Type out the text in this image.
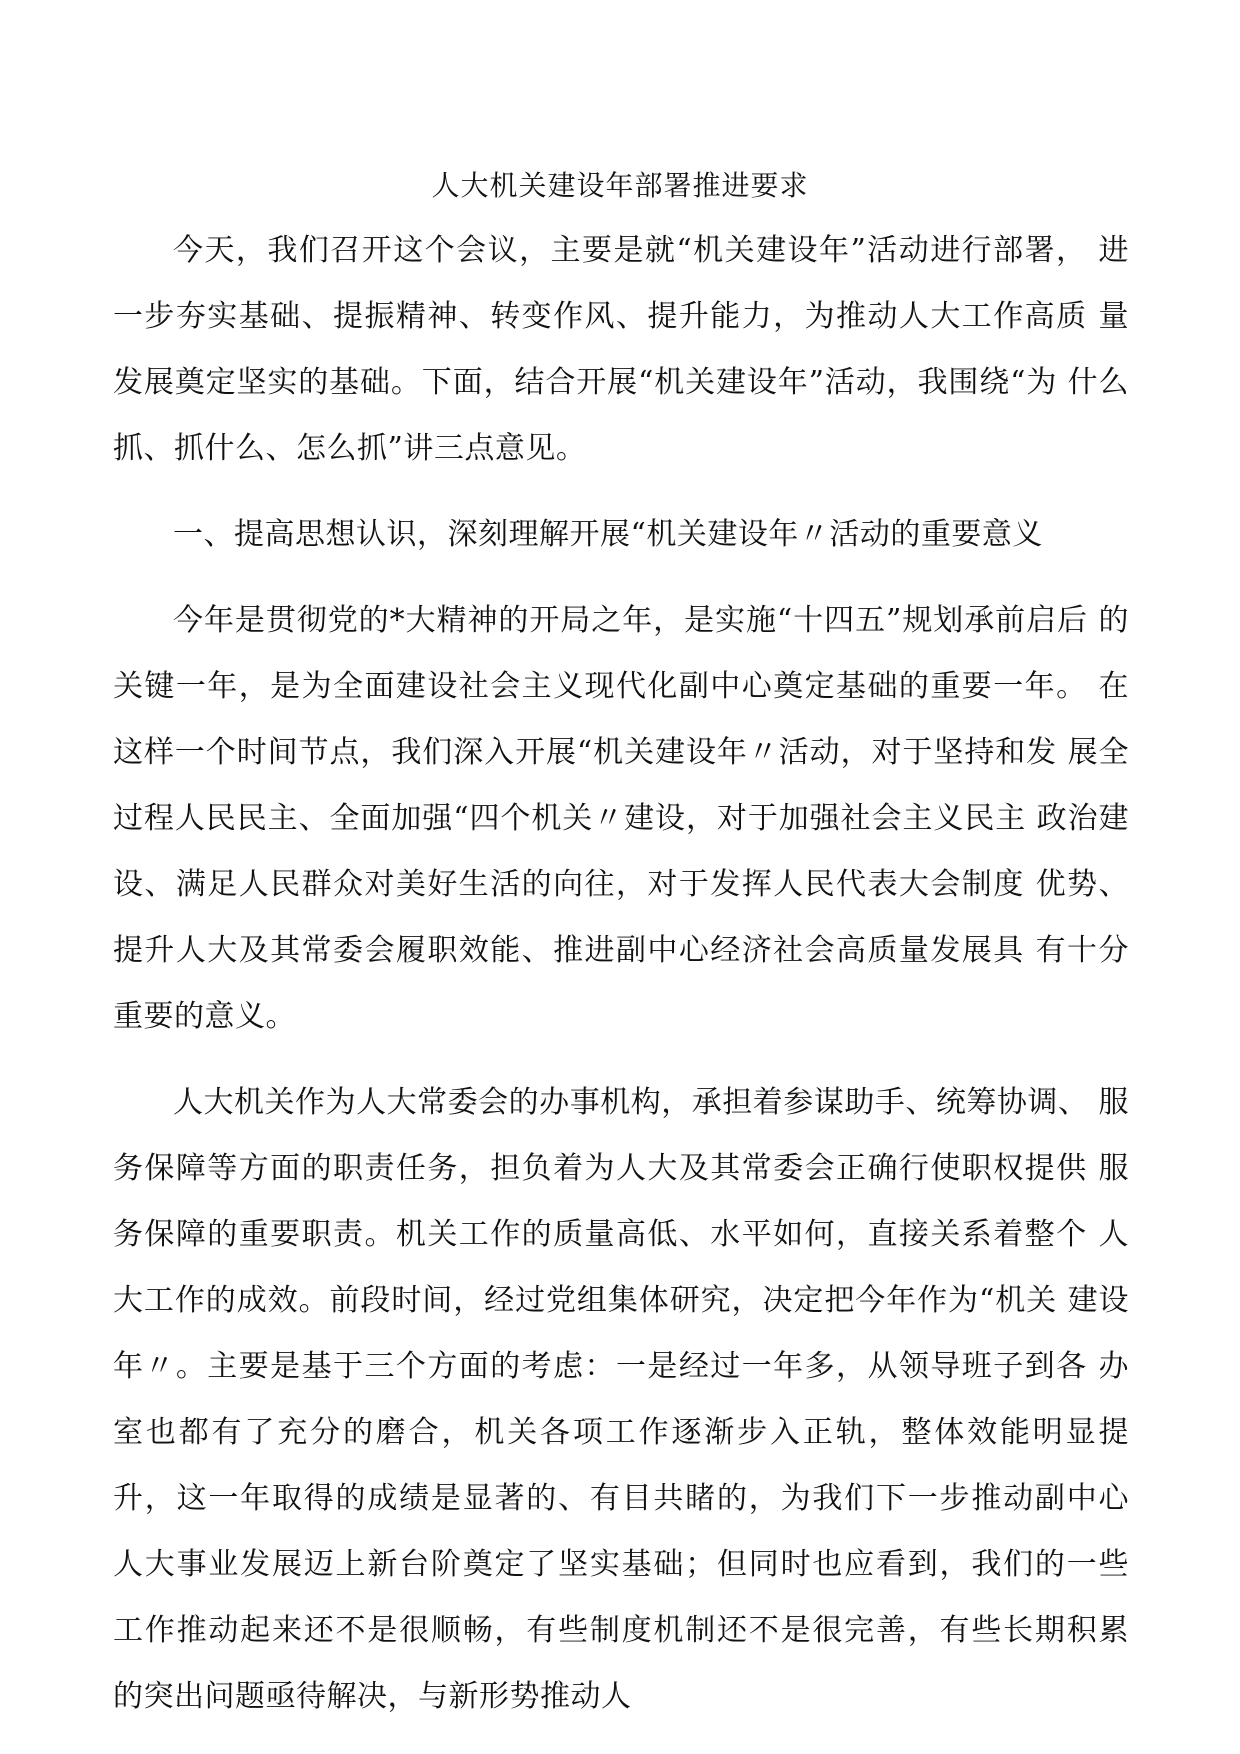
人大机关建设年部署推进要求

今天，我们召开这个会议，主要是就“机关建设年”活动进行部署， 进一步夯实基础、提振精神、转变作风、提升能力，为推动人大工作高质 量发展奠定坚实的基础。下面，结合开展“机关建设年”活动，我围绕“为 什么抓、抓什么、怎么抓”讲三点意见。

一、提高思想认识，深刻理解开展“机关建设年〃活动的重要意义

今年是贯彻党的*大精神的开局之年，是实施“十四五”规划承前启后 的关键一年，是为全面建设社会主义现代化副中心奠定基础的重要一年。 在这样一个时间节点，我们深入开展“机关建设年〃活动，对于坚持和发 展全过程人民民主、全面加强“四个机关〃建设，对于加强社会主义民主 政治建设、满足人民群众对美好生活的向往，对于发挥人民代表大会制度 优势、提升人大及其常委会履职效能、推进副中心经济社会高质量发展具 有十分重要的意义。

人大机关作为人大常委会的办事机构，承担着参谋助手、统筹协调、 服务保障等方面的职责任务，担负着为人大及其常委会正确行使职权提供 服务保障的重要职责。机关工作的质量高低、水平如何，直接关系着整个 人大工作的成效。前段时间，经过党组集体研究，决定把今年作为“机关 建设年〃。主要是基于三个方面的考虑：一是经过一年多，从领导班子到各 办室也都有了充分的磨合，机关各项工作逐渐步入正轨，整体效能明显提 升，这一年取得的成绩是显著的、有目共睹的，为我们下一步推动副中心 人大事业发展迈上新台阶奠定了坚实基础；但同时也应看到，我们的一些 工作推动起来还不是很顺畅，有些制度机制还不是很完善，有些长期积累 的突出问题亟待解决，与新形势推动人
